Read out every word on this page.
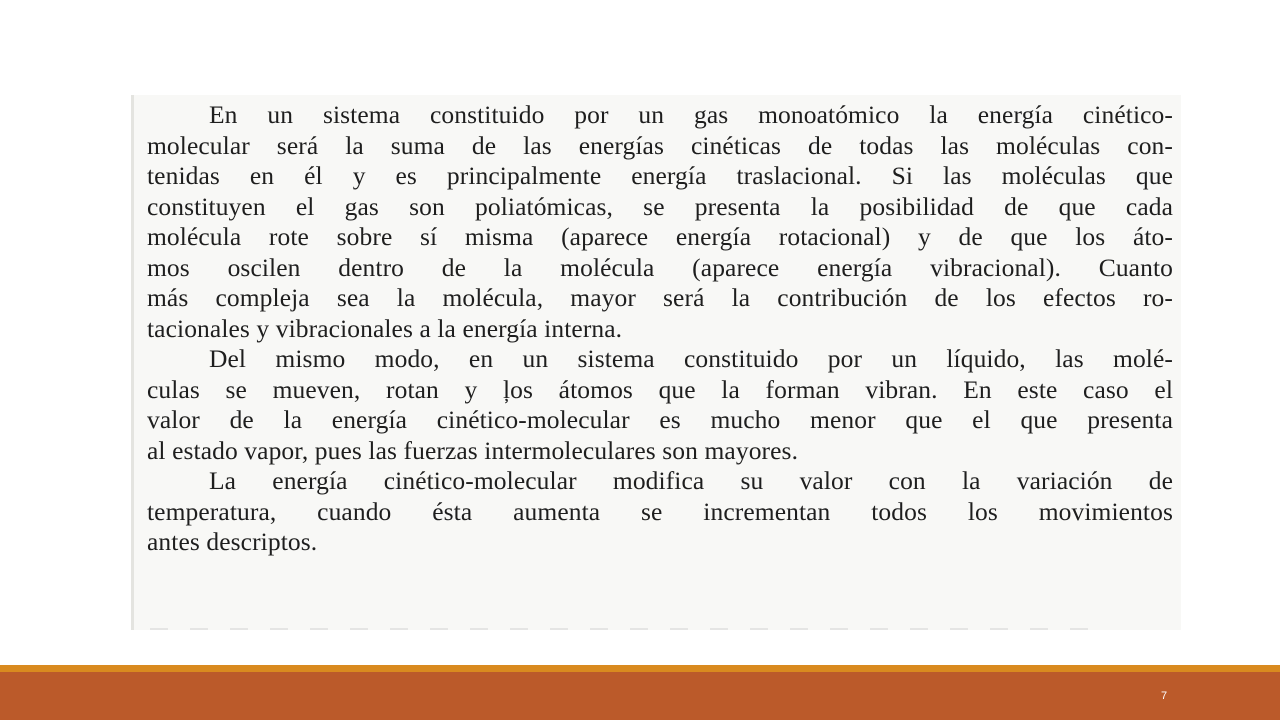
En un sistema constituido por un gas monoatómico la energía cinético-
molecular será la suma de las energías cinéticas de todas las moléculas con-
tenidas en él y es principalmente energía traslacional. Si las moléculas que
constituyen el gas son poliatómicas, se presenta la posibilidad de que cada
molécula rote sobre sí misma (aparece energía rotacional) y de que los áto-
mos oscilen dentro de la molécula (aparece energía vibracional). Cuanto
más compleja sea la molécula, mayor será la contribución de los efectos ro-
tacionales y vibracionales a la energía interna.

Del mismo modo, en un sistema constituido por un líquido, las molé-
culas se mueven, rotan y ļos átomos que la forman vibran. En este caso el
valor de la energía cinético-molecular es mucho menor que el que presenta
al estado vapor, pues las fuerzas intermoleculares son mayores.

La energía cinético-molecular modifica su valor con la variación de
temperatura, cuando ésta aumenta se incrementan todos los movimientos
antes descriptos.

7
